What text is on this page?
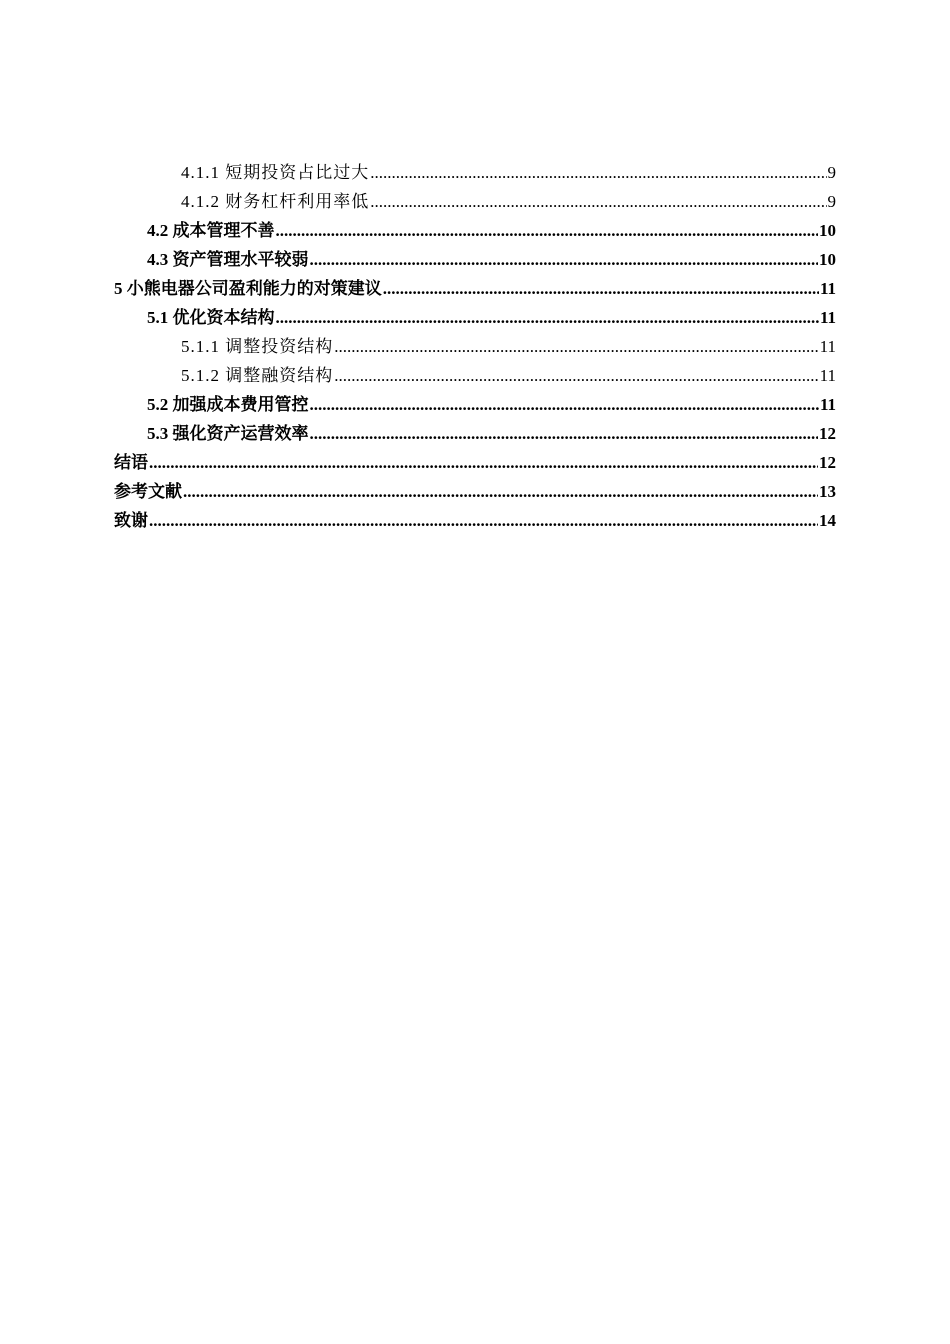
4.1.1 短期投资占比过大 .....	9
4.1.2 财务杠杆利用率低 .....	9
4.2 成本管理不善 .....	10
4.3 资产管理水平较弱 .....	10
5 小熊电器公司盈利能力的对策建议 .....	11
5.1 优化资本结构 .....	11
5.1.1 调整投资结构 .....	11
5.1.2 调整融资结构 .....	11
5.2 加强成本费用管控 .....	11
5.3 强化资产运营效率 .....	12
结语 .....	12
参考文献 .....	13
致谢 .....	14
